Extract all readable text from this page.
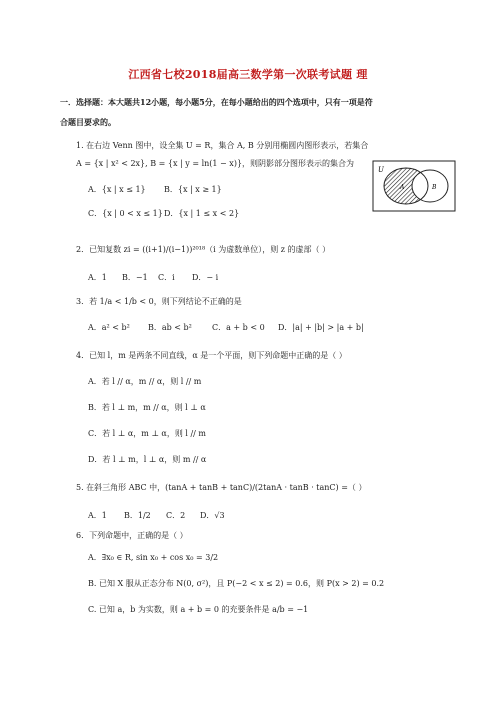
江西省七校2018届高三数学第一次联考试题 理
一．选择题：本大题共12小题，每小题5分，在每小题给出的四个选项中，只有一项是符
合题目要求的。
1. 在右边 Venn 图中，设全集 U = R，集合 A, B 分别用椭圆内图形表示，若集合
A = {x | x² < 2x}, B = {x | y = ln(1 − x)}，则阴影部分图形表示的集合为
A．{x | x ≤ 1} B．{x | x ≥ 1}
C．{x | 0 < x ≤ 1} D．{x | 1 ≤ x < 2}
U
A	B
2．已知复数 zi = ((i+1)/(i−1))²⁰¹⁸（i 为虚数单位），则 z 的虚部（ ）
A．1 B．−1 C．i D．− i
3．若 1/a < 1/b < 0，则下列结论不正确的是
A．a² < b² B．ab < b²	C．a + b < 0 D．|a| + |b| > |a + b|
4．已知 l，m 是两条不同直线，α 是一个平面，则下列命题中正确的是（ ）
A．若 l // α，m // α，则 l // m
B．若 l ⊥ m，m // α，则 l ⊥ α
C．若 l ⊥ α，m ⊥ α，则 l // m
D．若 l ⊥ m，l ⊥ α，则 m // α
5. 在斜三角形 ABC 中，(tanA + tanB + tanC)/(2tanA · tanB · tanC) =（ ）
A．1 B．1/2 C．2 D．√3
6．下列命题中，正确的是（ ）
A．∃x₀ ∈ R, sin x₀ + cos x₀ = 3/2
B. 已知 X 服从正态分布 N(0, σ²)，且 P(−2 < x ≤ 2) = 0.6，则 P(x > 2) = 0.2
C. 已知 a，b 为实数，则 a + b = 0 的充要条件是 a/b = −1
